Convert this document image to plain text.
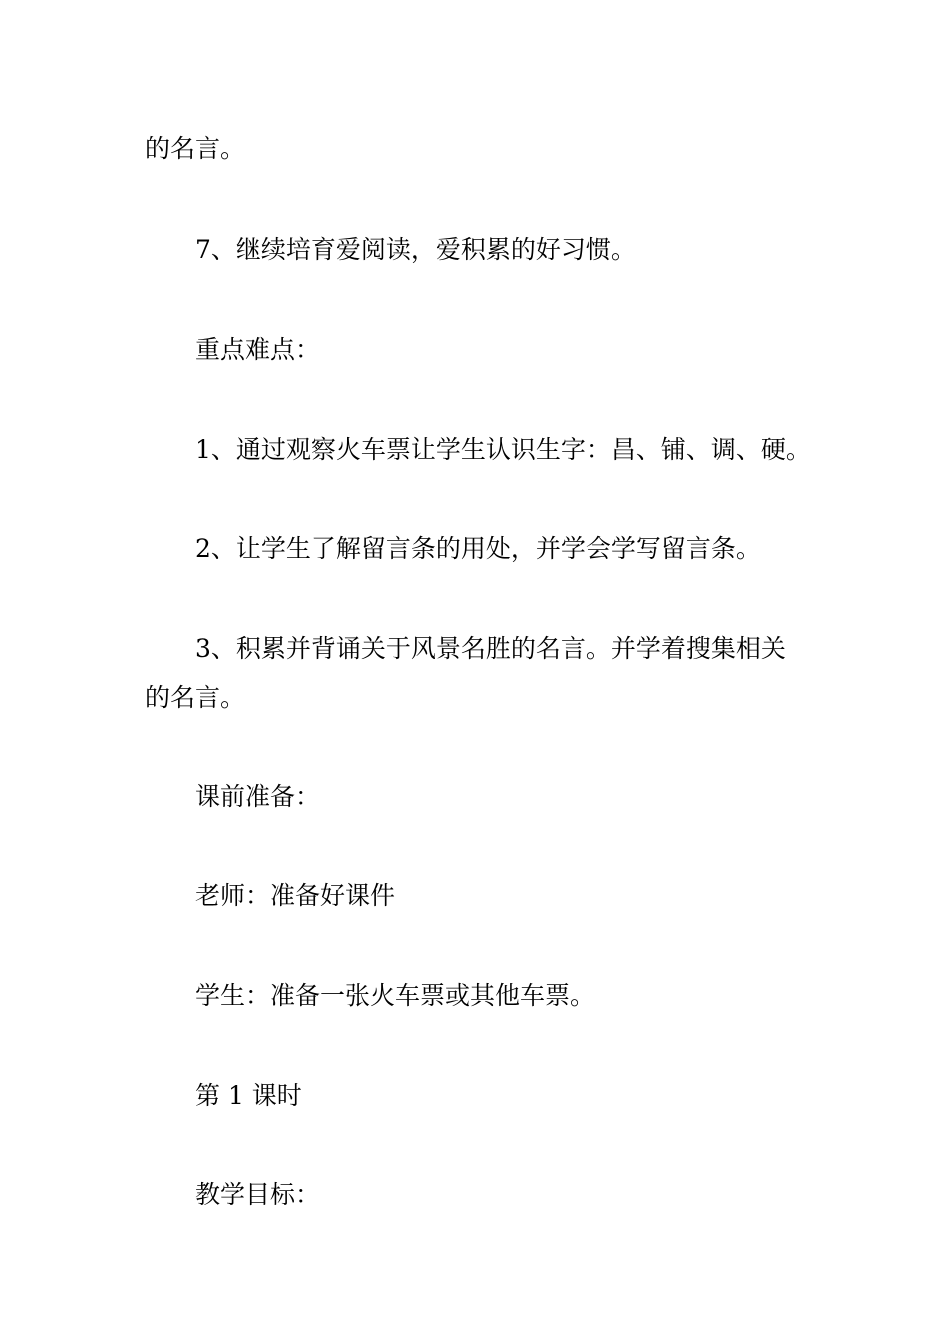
的名言。

7、继续培育爱阅读，爱积累的好习惯。

重点难点：

1、通过观察火车票让学生认识生字：昌、铺、调、硬。

2、让学生了解留言条的用处，并学会学写留言条。

3、积累并背诵关于风景名胜的名言。并学着搜集相关
的名言。

课前准备：

老师：准备好课件

学生：准备一张火车票或其他车票。

第 1 课时

教学目标：
